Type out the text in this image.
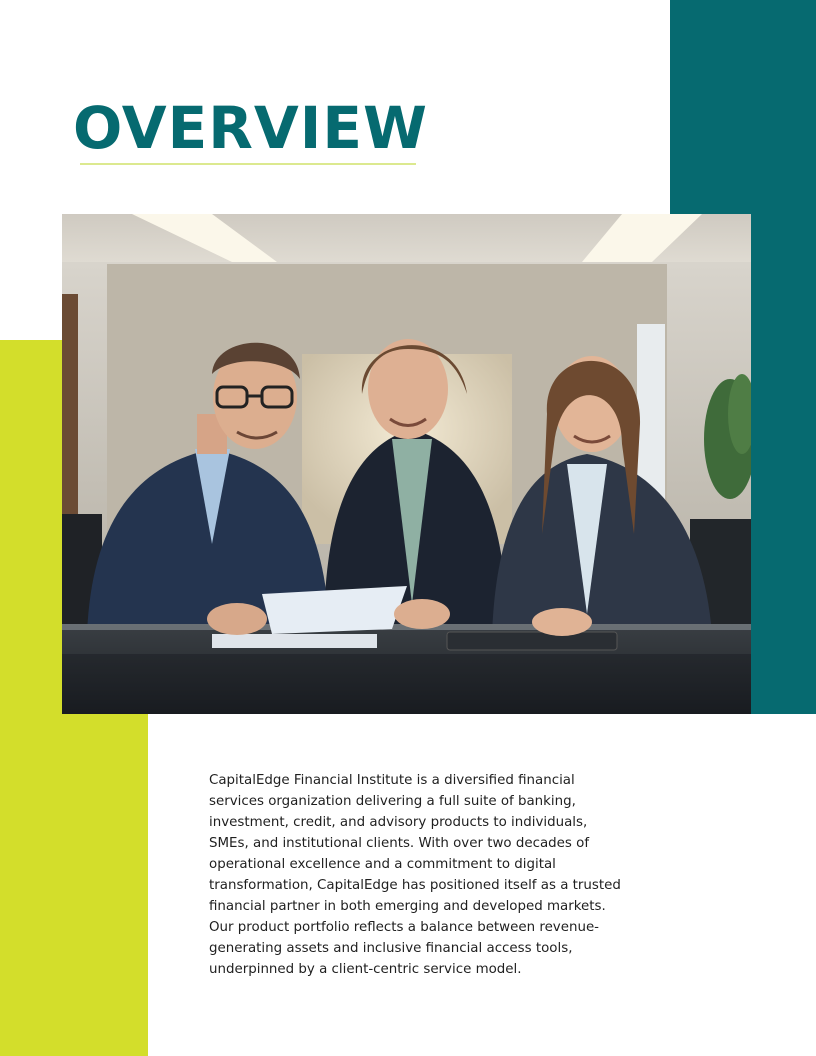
OVERVIEW

CapitalEdge Financial Institute is a diversified financial services organization delivering a full suite of banking, investment, credit, and advisory products to individuals, SMEs, and institutional clients. With over two decades of operational excellence and a commitment to digital transformation, CapitalEdge has positioned itself as a trusted financial partner in both emerging and developed markets. Our product portfolio reflects a balance between revenue-generating assets and inclusive financial access tools, underpinned by a client-centric service model.
